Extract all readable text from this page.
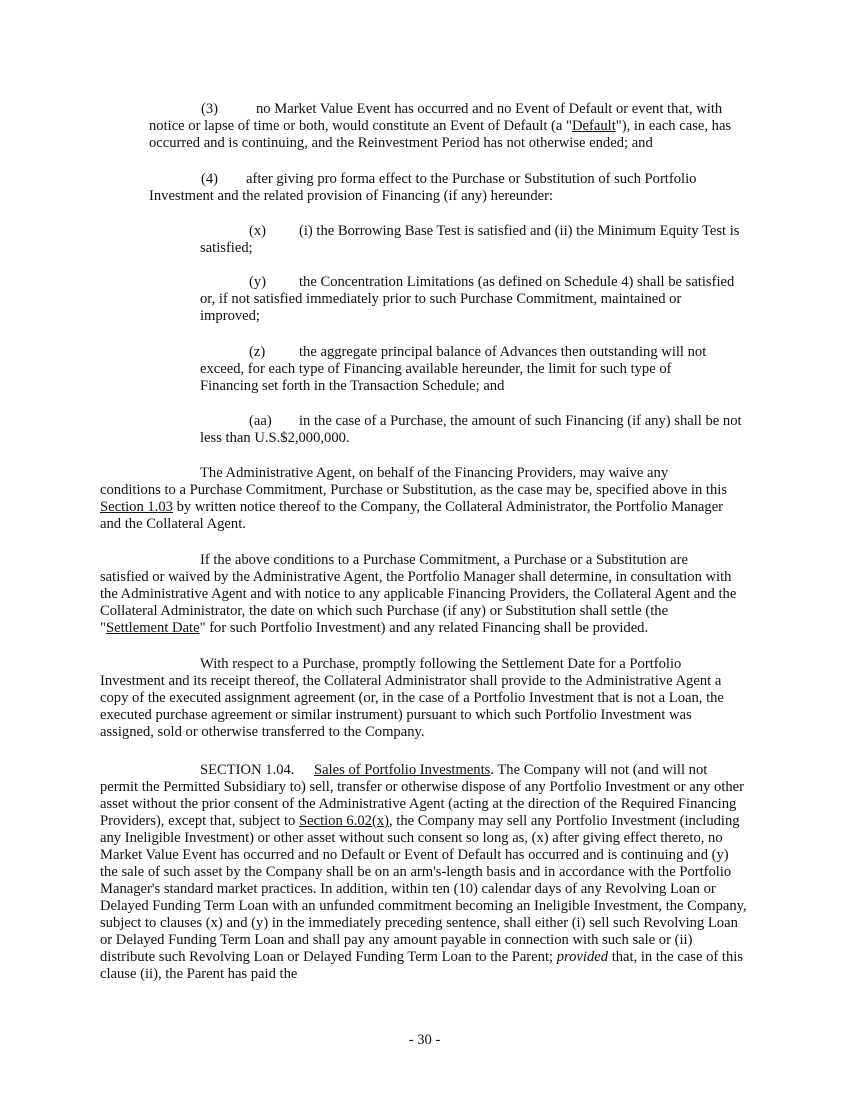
(3)	no Market Value Event has occurred and no Event of Default or event that, with notice or lapse of time or both, would constitute an Event of Default (a "Default"), in each case, has occurred and is continuing, and the Reinvestment Period has not otherwise ended; and

(4) after giving pro forma effect to the Purchase or Substitution of such Portfolio Investment and the related provision of Financing (if any) hereunder:

(x) (i) the Borrowing Base Test is satisfied and (ii) the Minimum Equity Test is satisfied;

(y) the Concentration Limitations (as defined on Schedule 4) shall be satisfied or, if not satisfied immediately prior to such Purchase Commitment, maintained or improved;

(z) the aggregate principal balance of Advances then outstanding will not exceed, for each type of Financing available hereunder, the limit for such type of Financing set forth in the Transaction Schedule; and

(aa) in the case of a Purchase, the amount of such Financing (if any) shall be not less than U.S.$2,000,000.

The Administrative Agent, on behalf of the Financing Providers, may waive any conditions to a Purchase Commitment, Purchase or Substitution, as the case may be, specified above in this Section 1.03 by written notice thereof to the Company, the Collateral Administrator, the Portfolio Manager and the Collateral Agent.

If the above conditions to a Purchase Commitment, a Purchase or a Substitution are satisfied or waived by the Administrative Agent, the Portfolio Manager shall determine, in consultation with the Administrative Agent and with notice to any applicable Financing Providers, the Collateral Agent and the Collateral Administrator, the date on which such Purchase (if any) or Substitution shall settle (the "Settlement Date" for such Portfolio Investment) and any related Financing shall be provided.

With respect to a Purchase, promptly following the Settlement Date for a Portfolio Investment and its receipt thereof, the Collateral Administrator shall provide to the Administrative Agent a copy of the executed assignment agreement (or, in the case of a Portfolio Investment that is not a Loan, the executed purchase agreement or similar instrument) pursuant to which such Portfolio Investment was assigned, sold or otherwise transferred to the Company.

SECTION 1.04. Sales of Portfolio Investments. The Company will not (and will not permit the Permitted Subsidiary to) sell, transfer or otherwise dispose of any Portfolio Investment or any other asset without the prior consent of the Administrative Agent (acting at the direction of the Required Financing Providers), except that, subject to Section 6.02(x), the Company may sell any Portfolio Investment (including any Ineligible Investment) or other asset without such consent so long as, (x) after giving effect thereto, no Market Value Event has occurred and no Default or Event of Default has occurred and is continuing and (y) the sale of such asset by the Company shall be on an arm's-length basis and in accordance with the Portfolio Manager's standard market practices. In addition, within ten (10) calendar days of any Revolving Loan or Delayed Funding Term Loan with an unfunded commitment becoming an Ineligible Investment, the Company, subject to clauses (x) and (y) in the immediately preceding sentence, shall either (i) sell such Revolving Loan or Delayed Funding Term Loan and shall pay any amount payable in connection with such sale or (ii) distribute such Revolving Loan or Delayed Funding Term Loan to the Parent; provided that, in the case of this clause (ii), the Parent has paid the

- 30 -
